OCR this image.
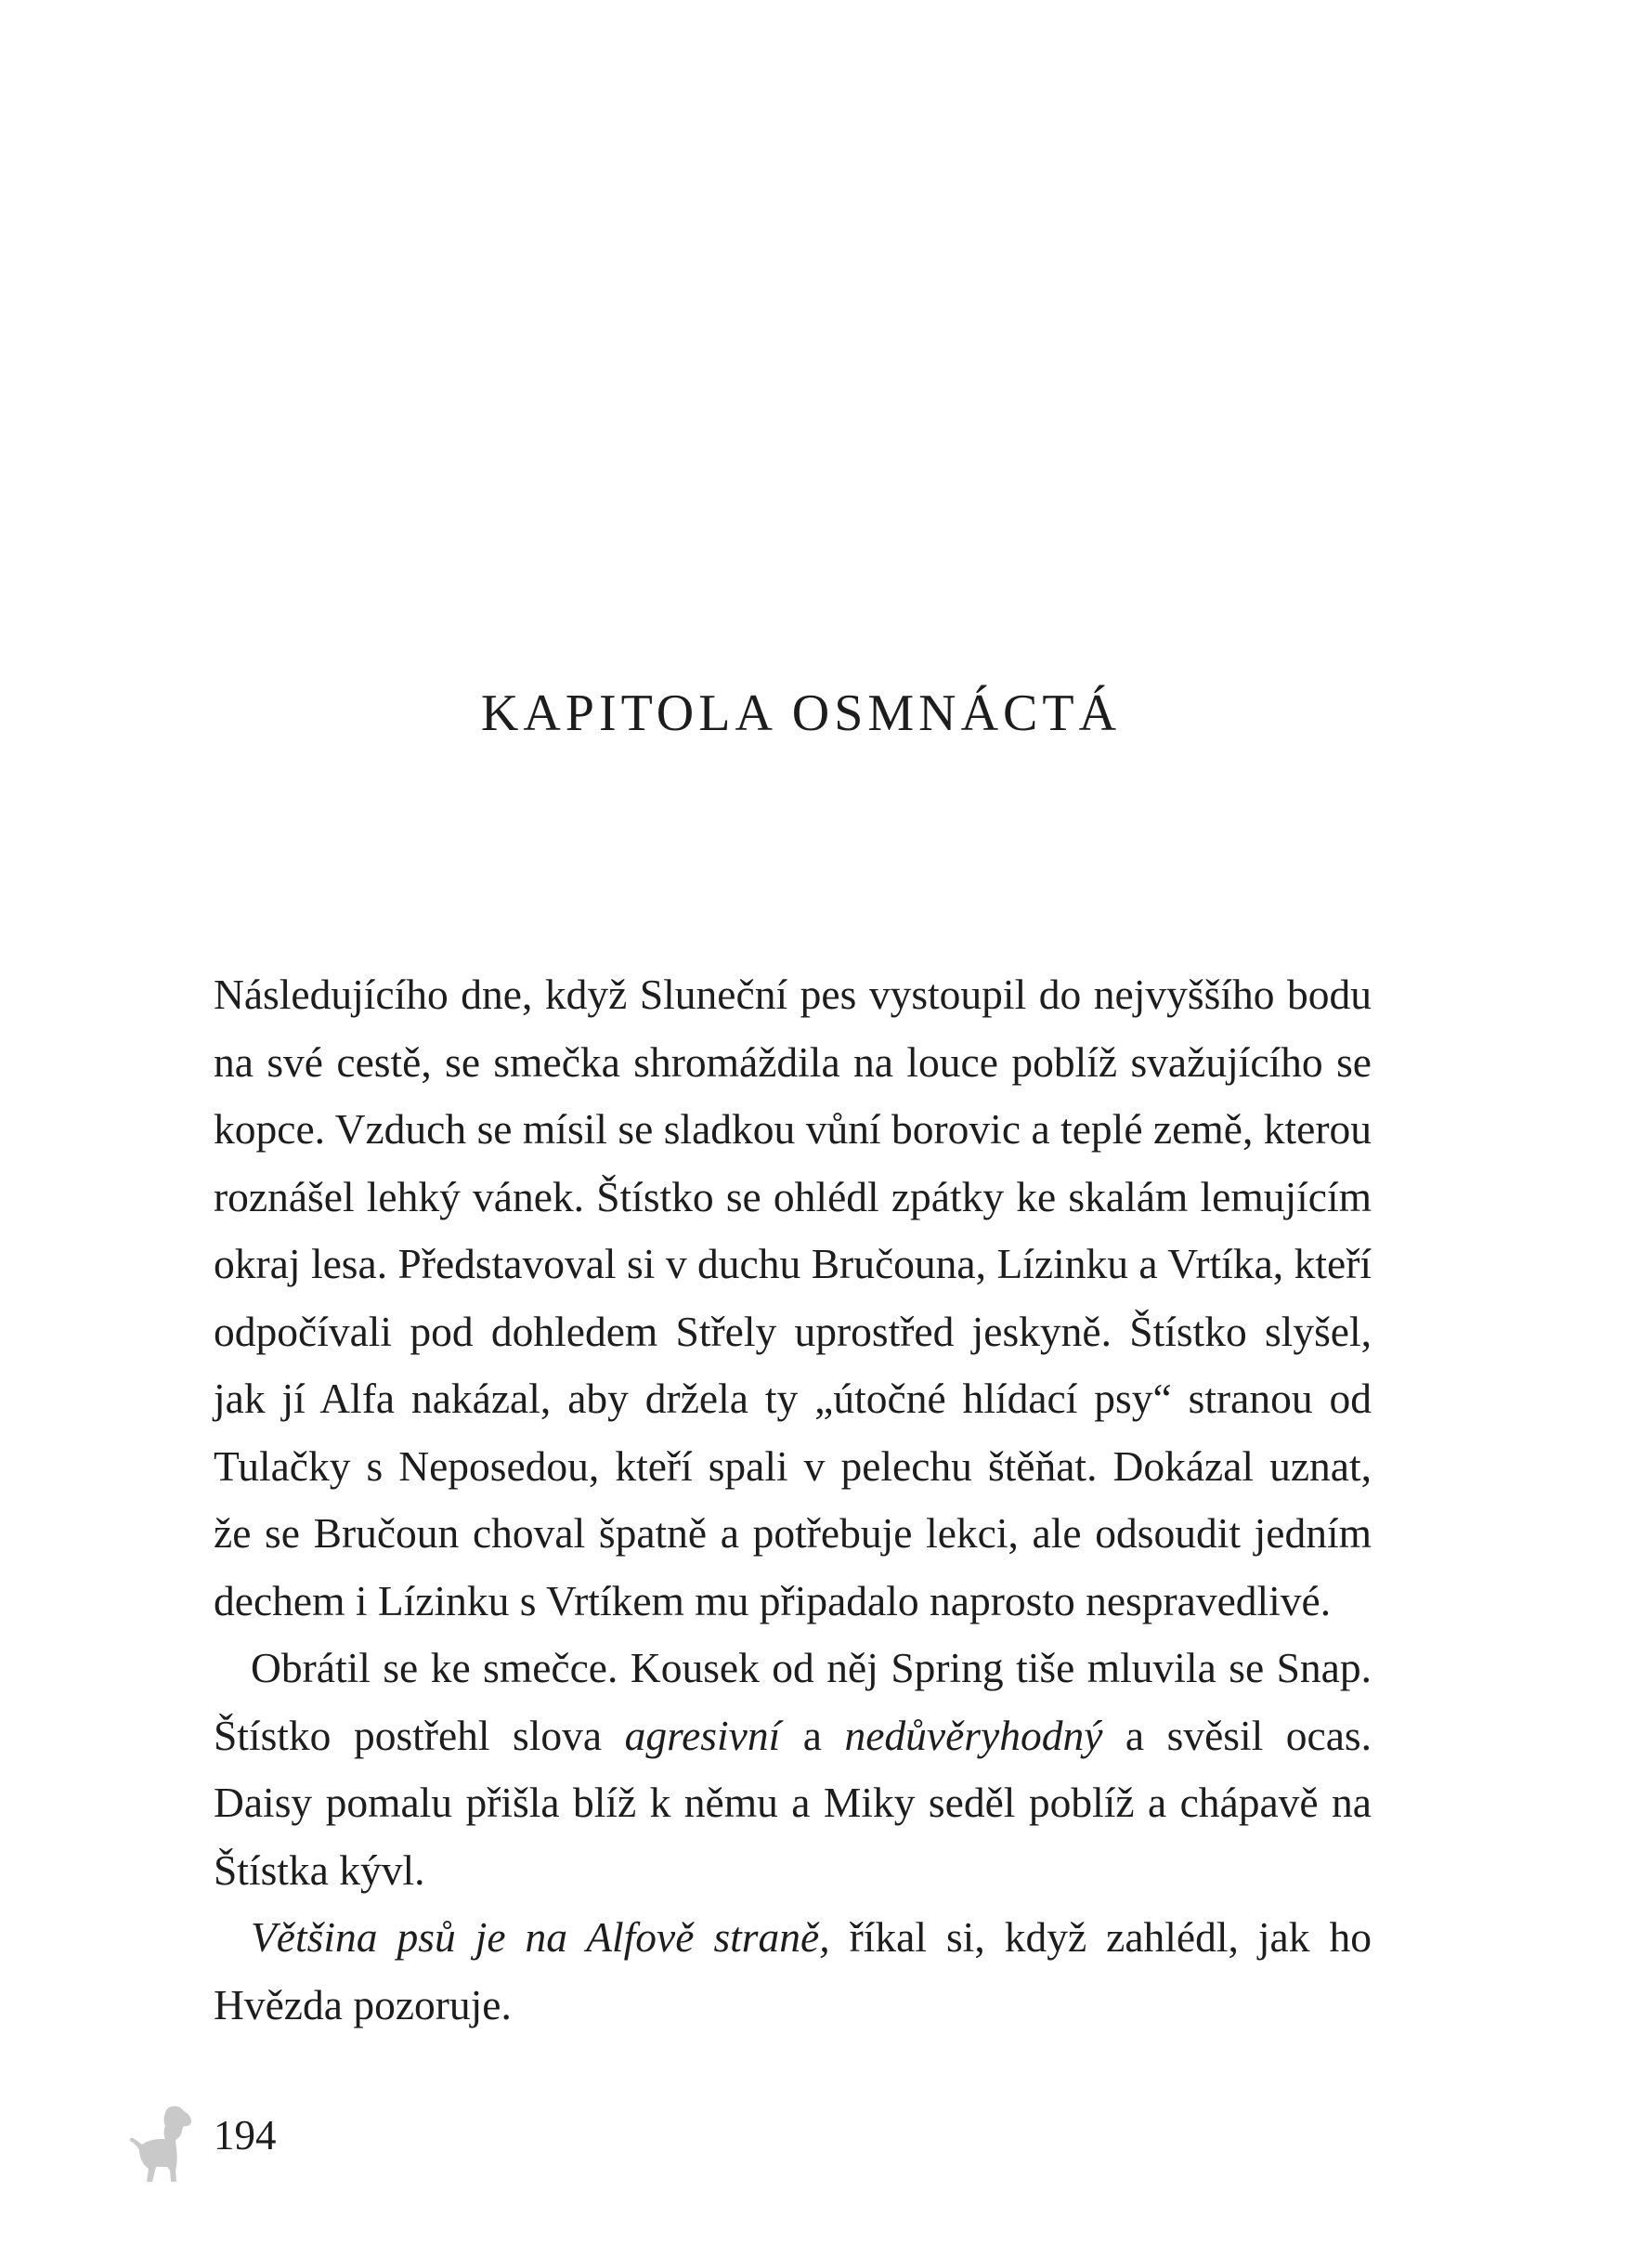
KAPITOLA OSMNÁCTÁ

Následujícího dne, když Sluneční pes vystoupil do nejvyššího bodu na své cestě, se smečka shromáždila na louce poblíž svažujícího se kopce. Vzduch se mísil se sladkou vůní borovic a teplé země, kterou roznášel lehký vánek. Štístko se ohlédl zpátky ke skalám lemujícím okraj lesa. Představoval si v duchu Bručouna, Lízinku a Vrtíka, kteří odpočívali pod dohledem Střely uprostřed jeskyně. Štístko slyšel, jak jí Alfa nakázal, aby držela ty „útočné hlídací psy“ stranou od Tulačky s Neposedou, kteří spali v pelechu štěňat. Dokázal uznat, že se Bručoun choval špatně a potřebuje lekci, ale odsoudit jedním dechem i Lízinku s Vrtíkem mu připadalo naprosto nespravedlivé.

Obrátil se ke smečce. Kousek od něj Spring tiše mluvila se Snap. Štístko postřehl slova agresivní a nedůvěryhodný a svěsil ocas. Daisy pomalu přišla blíž k němu a Miky seděl poblíž a chápavě na Štístka kývl.

Většina psů je na Alfově straně, říkal si, když zahlédl, jak ho Hvězda pozoruje.

194
